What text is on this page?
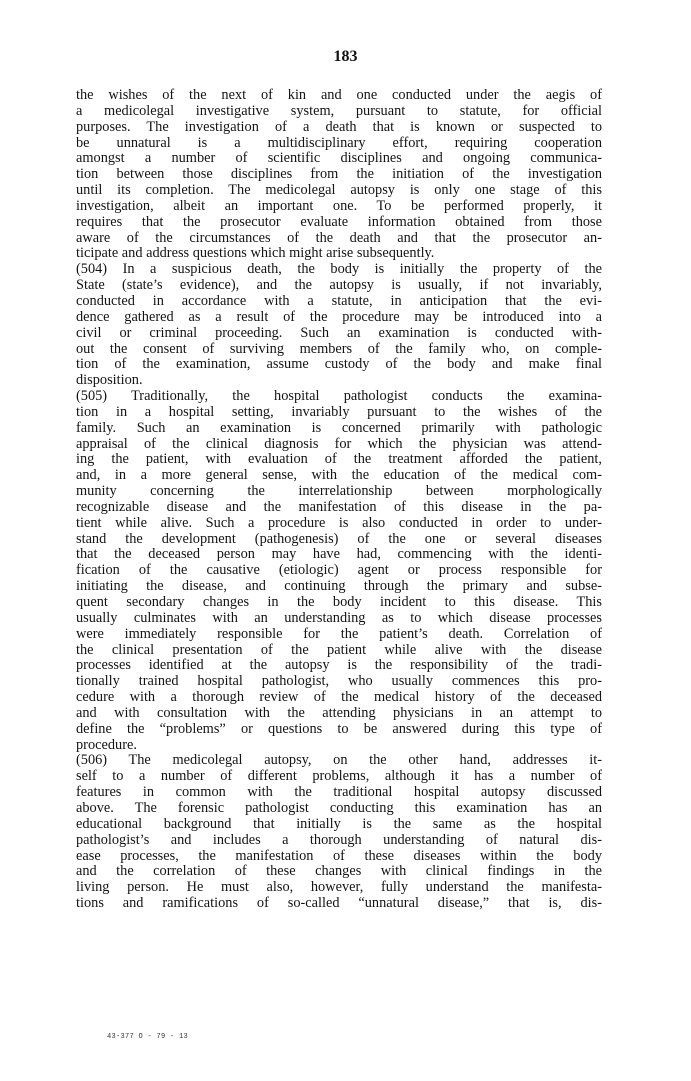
183
the wishes of the next of kin and one conducted under the aegis of
a medicolegal investigative system, pursuant to statute, for official
purposes. The investigation of a death that is known or suspected to
be unnatural is a multidisciplinary effort, requiring cooperation
amongst a number of scientific disciplines and ongoing communica-
tion between those disciplines from the initiation of the investigation
until its completion. The medicolegal autopsy is only one stage of this
investigation, albeit an important one. To be performed properly, it
requires that the prosecutor evaluate information obtained from those
aware of the circumstances of the death and that the prosecutor an-
ticipate and address questions which might arise subsequently.
(504) In a suspicious death, the body is initially the property of the
State (state’s evidence), and the autopsy is usually, if not invariably,
conducted in accordance with a statute, in anticipation that the evi-
dence gathered as a result of the procedure may be introduced into a
civil or criminal proceeding. Such an examination is conducted with-
out the consent of surviving members of the family who, on comple-
tion of the examination, assume custody of the body and make final
disposition.
(505) Traditionally, the hospital pathologist conducts the examina-
tion in a hospital setting, invariably pursuant to the wishes of the
family. Such an examination is concerned primarily with pathologic
appraisal of the clinical diagnosis for which the physician was attend-
ing the patient, with evaluation of the treatment afforded the patient,
and, in a more general sense, with the education of the medical com-
munity concerning the interrelationship between morphologically
recognizable disease and the manifestation of this disease in the pa-
tient while alive. Such a procedure is also conducted in order to under-
stand the development (pathogenesis) of the one or several diseases
that the deceased person may have had, commencing with the identi-
fication of the causative (etiologic) agent or process responsible for
initiating the disease, and continuing through the primary and subse-
quent secondary changes in the body incident to this disease. This
usually culminates with an understanding as to which disease processes
were immediately responsible for the patient’s death. Correlation of
the clinical presentation of the patient while alive with the disease
processes identified at the autopsy is the responsibility of the tradi-
tionally trained hospital pathologist, who usually commences this pro-
cedure with a thorough review of the medical history of the deceased
and with consultation with the attending physicians in an attempt to
define the “problems” or questions to be answered during this type of
procedure.
(506) The medicolegal autopsy, on the other hand, addresses it-
self to a number of different problems, although it has a number of
features in common with the traditional hospital autopsy discussed
above. The forensic pathologist conducting this examination has an
educational background that initially is the same as the hospital
pathologist’s and includes a thorough understanding of natural dis-
ease processes, the manifestation of these diseases within the body
and the correlation of these changes with clinical findings in the
living person. He must also, however, fully understand the manifesta-
tions and ramifications of so-called “unnatural disease,” that is, dis-
43-377 O - 79 - 13
